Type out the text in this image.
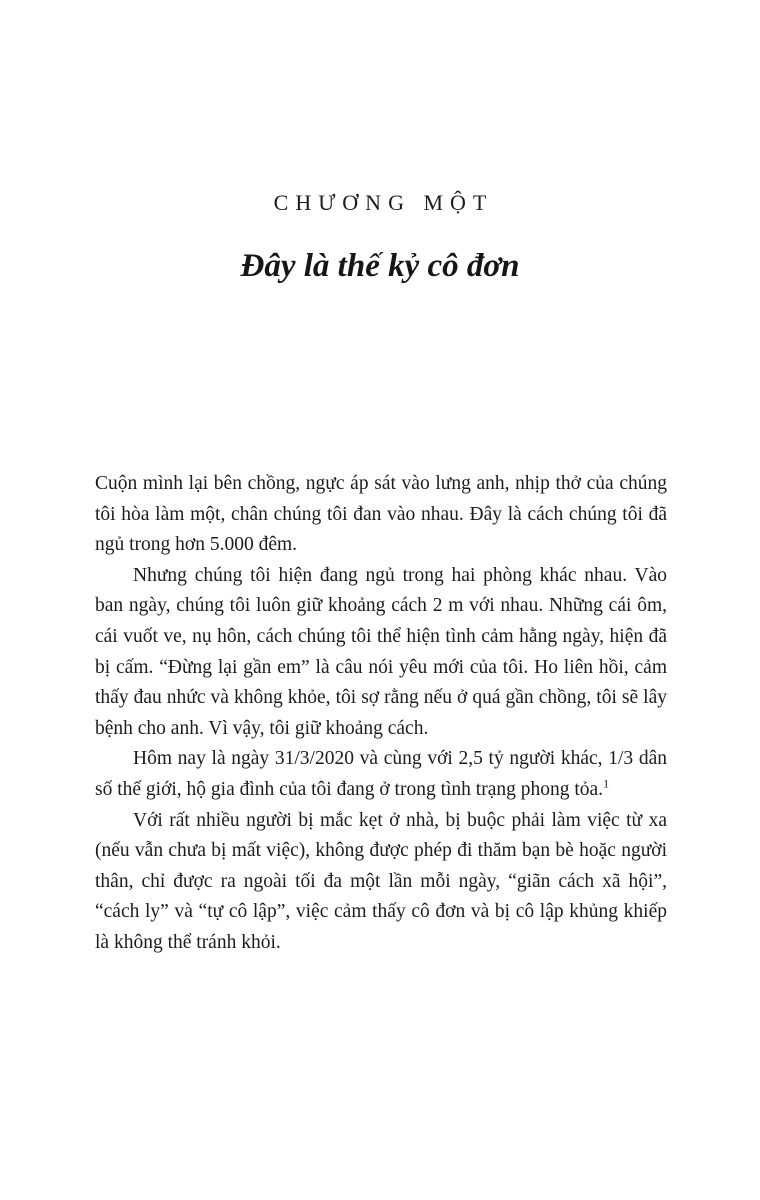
CHƯƠNG MỘT
Đây là thế kỷ cô đơn

Cuộn mình lại bên chồng, ngực áp sát vào lưng anh, nhịp thở của chúng tôi hòa làm một, chân chúng tôi đan vào nhau. Đây là cách chúng tôi đã ngủ trong hơn 5.000 đêm.

Nhưng chúng tôi hiện đang ngủ trong hai phòng khác nhau. Vào ban ngày, chúng tôi luôn giữ khoảng cách 2 m với nhau. Những cái ôm, cái vuốt ve, nụ hôn, cách chúng tôi thể hiện tình cảm hằng ngày, hiện đã bị cấm. “Đừng lại gần em” là câu nói yêu mới của tôi. Ho liên hồi, cảm thấy đau nhức và không khỏe, tôi sợ rằng nếu ở quá gần chồng, tôi sẽ lây bệnh cho anh. Vì vậy, tôi giữ khoảng cách.

Hôm nay là ngày 31/3/2020 và cùng với 2,5 tỷ người khác, 1/3 dân số thế giới, hộ gia đình của tôi đang ở trong tình trạng phong tỏa.$^1$

Với rất nhiều người bị mắc kẹt ở nhà, bị buộc phải làm việc từ xa (nếu vẫn chưa bị mất việc), không được phép đi thăm bạn bè hoặc người thân, chỉ được ra ngoài tối đa một lần mỗi ngày, “giãn cách xã hội”, “cách ly” và “tự cô lập”, việc cảm thấy cô đơn và bị cô lập khủng khiếp là không thể tránh khỏi.
